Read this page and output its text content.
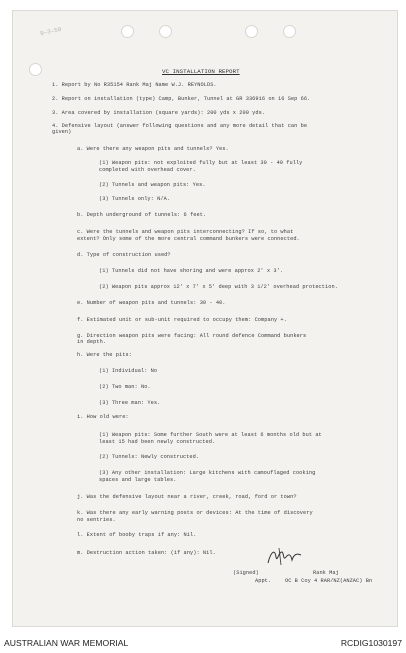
9—3–50
VC INSTALLATION REPORT
1. Report by No R35154 Rank Maj Name W.J. REYNOLDS.
2. Report on installation (type) Camp, Bunker, Tunnel at GR 336916 on 16 Sep 66.
3. Area covered by installation (square yards): 200 yds x 200 yds.
4. Defensive layout (answer following questions and any more detail that can be
given)
a. Were there any weapon pits and tunnels? Yes.
(1) Weapon pits: not exploited fully but at least 30 - 40 fully
completed with overhead cover.
(2) Tunnels and weapon pits: Yes.
(3) Tunnels only: N/A.
b. Depth underground of tunnels: 6 feet.
c. Were the tunnels and weapon pits interconnecting? If so, to what
extent? Only some of the more central command bunkers were connected.
d. Type of construction used?
(1) Tunnels did not have shoring and were approx 2' x 3'.
(2) Weapon pits approx 12' x 7' x 5' deep with 3 1/2' overhead protection.
e. Number of weapon pits and tunnels: 30 - 40.
f. Estimated unit or sub-unit required to occupy them: Company +.
g. Direction weapon pits were facing: All round defence Command bunkers
in depth.
h. Were the pits:
(1) Individual: No
(2) Two man: No.
(3) Three man: Yes.
i. How old were:
(1) Weapon pits: Some further South were at least 6 months old but at
least 15 had been newly constructed.
(2) Tunnels: Newly constructed.
(3) Any other installation: Large kitchens with camouflaged cooking
spaces and large tables.
j. Was the defensive layout near a river, creek, road, ford or town?
k. Was there any early warning posts or devices: At the time of discovery
no sentries.
l. Extent of booby traps if any: Nil.
m. Destruction action taken: (if any): Nil.
(Signed)	Rank Maj
Appt.	OC B Coy 4 RAR/NZ(ANZAC) Bn
AUSTRALIAN WAR MEMORIAL	RCDIG1030197
